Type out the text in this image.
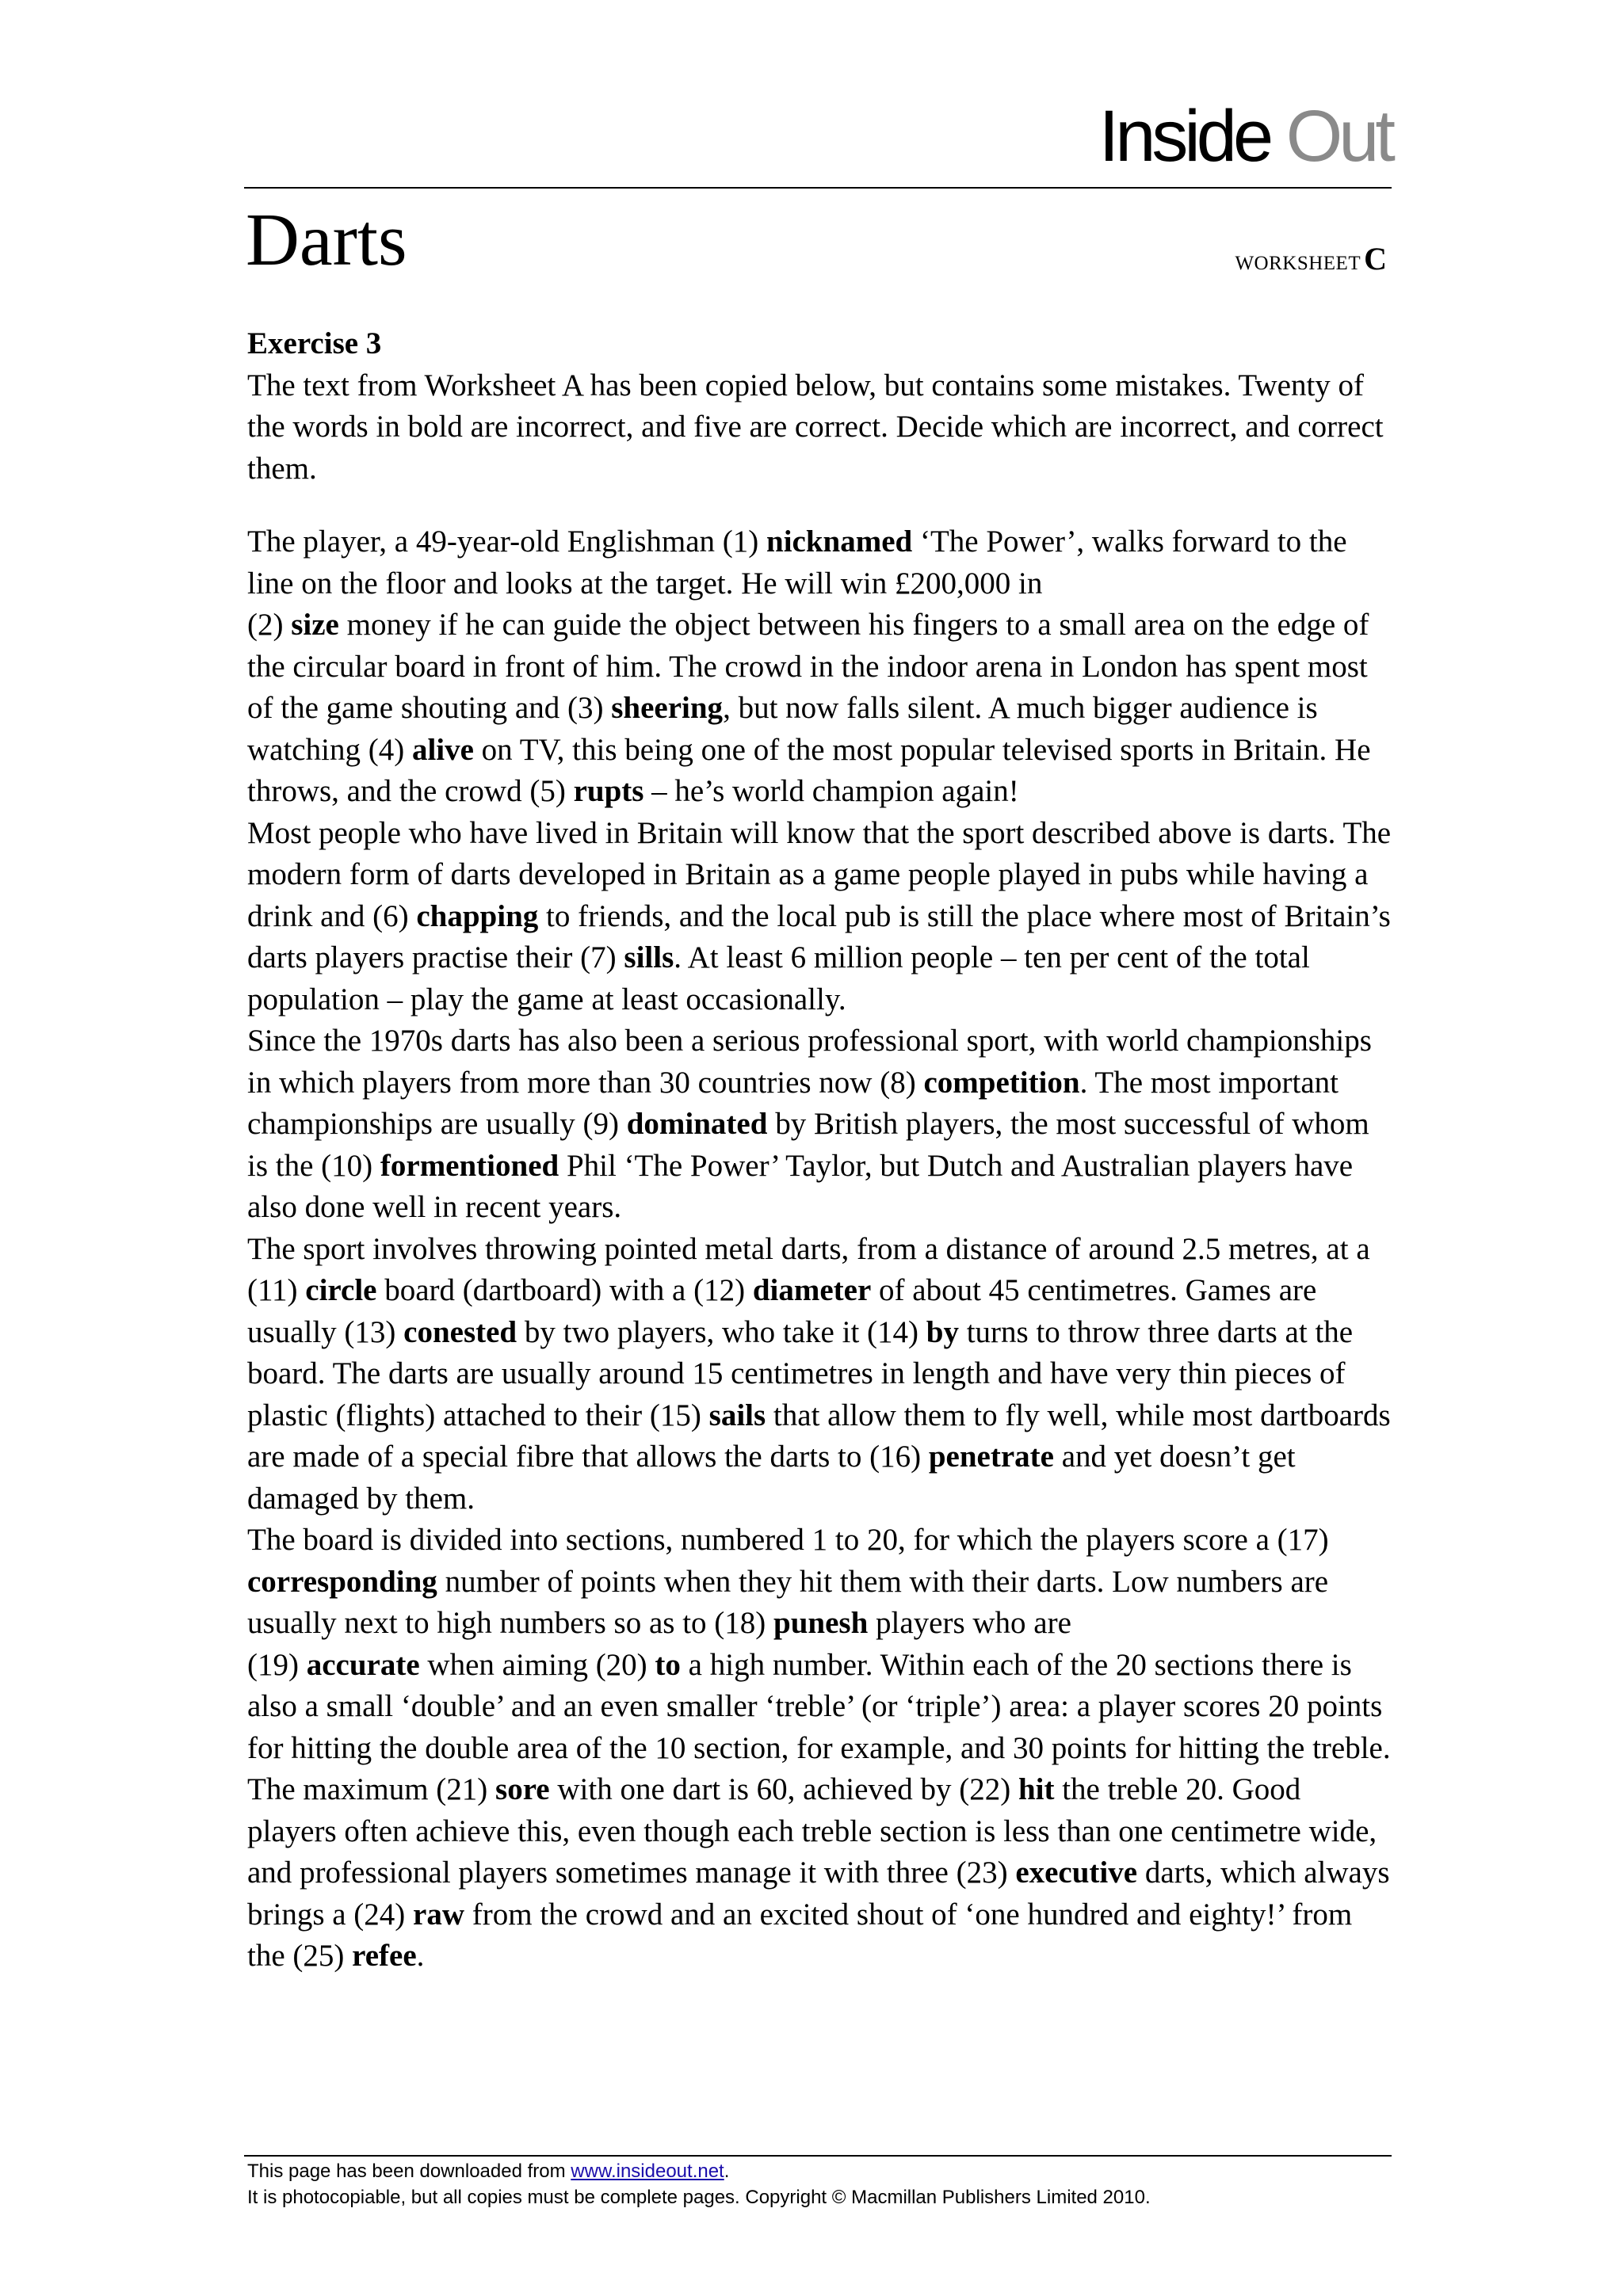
Inside Out
Darts	WORKSHEET C
Exercise 3

The text from Worksheet A has been copied below, but contains some mistakes. Twenty of the words in bold are incorrect, and five are correct. Decide which are incorrect, and correct them.

The player, a 49-year-old Englishman (1) nicknamed ‘The Power’, walks forward to the line on the floor and looks at the target. He will win £200,000 in
(2) size money if he can guide the object between his fingers to a small area on the edge of the circular board in front of him. The crowd in the indoor arena in London has spent most of the game shouting and (3) sheering, but now falls silent. A much bigger audience is watching (4) alive on TV, this being one of the most popular televised sports in Britain. He throws, and the crowd (5) rupts – he’s world champion again!

Most people who have lived in Britain will know that the sport described above is darts. The modern form of darts developed in Britain as a game people played in pubs while having a drink and (6) chapping to friends, and the local pub is still the place where most of Britain’s darts players practise their (7) sills. At least 6 million people – ten per cent of the total population – play the game at least occasionally.

Since the 1970s darts has also been a serious professional sport, with world championships in which players from more than 30 countries now (8) competition. The most important championships are usually (9) dominated by British players, the most successful of whom is the (10) formentioned Phil ‘The Power’ Taylor, but Dutch and Australian players have also done well in recent years.

The sport involves throwing pointed metal darts, from a distance of around 2.5 metres, at a (11) circle board (dartboard) with a (12) diameter of about 45 centimetres. Games are usually (13) conested by two players, who take it (14) by turns to throw three darts at the board. The darts are usually around 15 centimetres in length and have very thin pieces of plastic (flights) attached to their (15) sails that allow them to fly well, while most dartboards are made of a special fibre that allows the darts to (16) penetrate and yet doesn’t get damaged by them.

The board is divided into sections, numbered 1 to 20, for which the players score a (17) corresponding number of points when they hit them with their darts. Low numbers are usually next to high numbers so as to (18) punesh players who are
(19) accurate when aiming (20) to a high number. Within each of the 20 sections there is also a small ‘double’ and an even smaller ‘treble’ (or ‘triple’) area: a player scores 20 points for hitting the double area of the 10 section, for example, and 30 points for hitting the treble.

The maximum (21) sore with one dart is 60, achieved by (22) hit the treble 20. Good players often achieve this, even though each treble section is less than one centimetre wide, and professional players sometimes manage it with three (23) executive darts, which always brings a (24) raw from the crowd and an excited shout of ‘one hundred and eighty!’ from the (25) refee.

This page has been downloaded from www.insideout.net.

It is photocopiable, but all copies must be complete pages. Copyright © Macmillan Publishers Limited 2010.
